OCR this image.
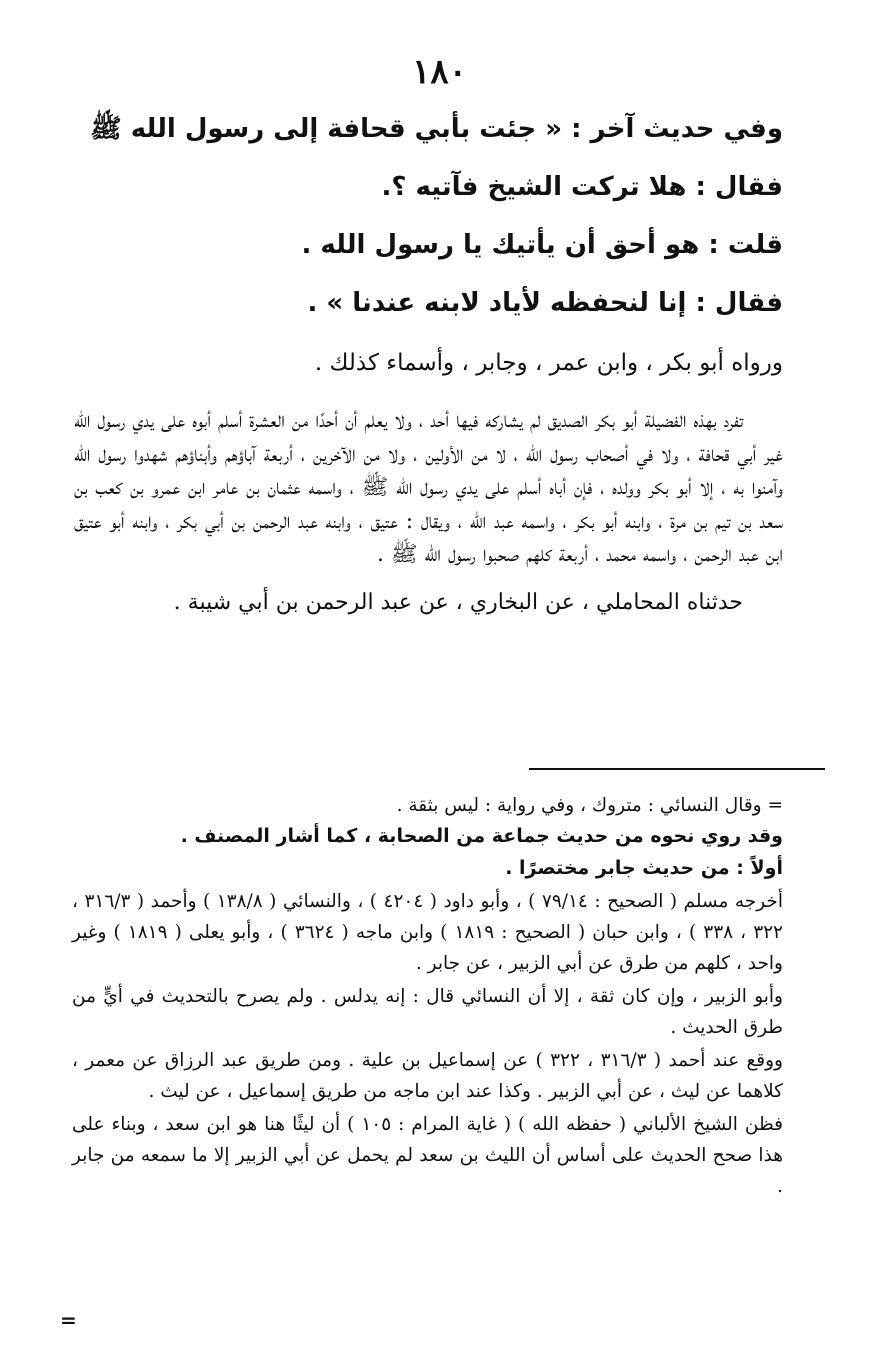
١٨٠
وفي حديث آخر : « جئت بأبي قحافة إلى رسول الله ﷺ
فقال : هلا تركت الشيخ فآتيه ؟.
قلت : هو أحق أن يأتيك يا رسول الله .
فقال : إنا لنحفظه لأياد لابنه عندنا » .
ورواه أبو بكر ، وابن عمر ، وجابر ، وأسماء كذلك .
تفرد بهذه الفضيلة أبو بكر الصديق لم يشاركه فيها أحد ، ولا يعلم أن أحدًا من العشرة أسلم أبوه على يدي رسول الله غير أبي قحافة ، ولا في أصحاب رسول الله ، لا من الأولين ، ولا من الآخرين ، أربعة آباؤهم وأبناؤهم شهدوا رسول الله وآمنوا به ، إلا أبو بكر وولده ، فإن أباه أسلم على يدي رسول الله ﷺ ، واسمه عثمان بن عامر ابن عمرو بن كعب بن سعد بن تيم بن مرة ، وابنه أبو بكر ، واسمه عبد الله ، ويقال : عتيق ، وابنه عبد الرحمن بن أبي بكر ، وابنه أبو عتيق ابن عبد الرحمن ، واسمه محمد ، أربعة كلهم صحبوا رسول الله ﷺ .
حدثناه المحاملي ، عن البخاري ، عن عبد الرحمن بن أبي شيبة .
= وقال النسائي : متروك ، وفي رواية : ليس بثقة .
وقد روي نحوه من حديث جماعة من الصحابة ، كما أشار المصنف .
أولاً : من حديث جابر مختصرًا .
أخرجه مسلم ( الصحيح : ٧٩/١٤ ) ، وأبو داود ( ٤٢٠٤ ) ، والنسائي ( ١٣٨/٨ ) وأحمد ( ٣١٦/٣ ، ٣٢٢ ، ٣٣٨ ) ، وابن حبان ( الصحيح : ١٨١٩ ) وابن ماجه ( ٣٦٢٤ ) ، وأبو يعلى ( ١٨١٩ ) وغير واحد ، كلهم من طرق عن أبي الزبير ، عن جابر .
وأبو الزبير ، وإن كان ثقة ، إلا أن النسائي قال : إنه يدلس . ولم يصرح بالتحديث في أيٍّ من طرق الحديث .
ووقع عند أحمد ( ٣١٦/٣ ، ٣٢٢ ) عن إسماعيل بن علية . ومن طريق عبد الرزاق عن معمر ، كلاهما عن ليث ، عن أبي الزبير . وكذا عند ابن ماجه من طريق إسماعيل ، عن ليث .
فظن الشيخ الألباني ( حفظه الله ) ( غاية المرام : ١٠٥ ) أن ليثًا هنا هو ابن سعد ، وبناء على هذا صحح الحديث على أساس أن الليث بن سعد لم يحمل عن أبي الزبير إلا ما سمعه من جابر .
=
